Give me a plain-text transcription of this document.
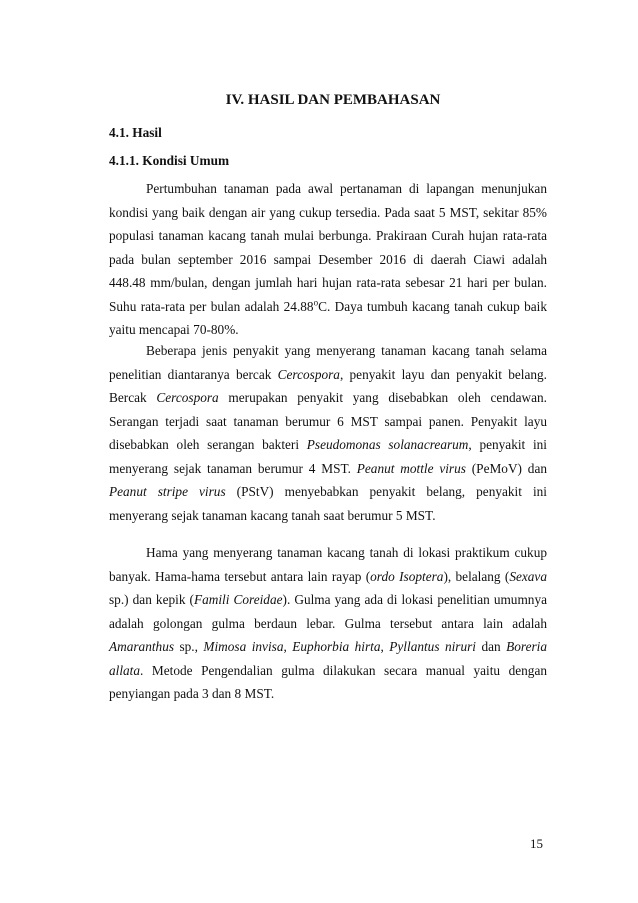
IV. HASIL DAN PEMBAHASAN
4.1. Hasil
4.1.1. Kondisi Umum

Pertumbuhan tanaman pada awal pertanaman di lapangan menunjukan kondisi yang baik dengan air yang cukup tersedia. Pada saat 5 MST, sekitar 85% populasi tanaman kacang tanah mulai berbunga. Prakiraan Curah hujan rata-rata pada bulan september 2016 sampai Desember 2016 di daerah Ciawi adalah 448.48 mm/bulan, dengan jumlah hari hujan rata-rata sebesar 21 hari per bulan. Suhu rata-rata per bulan adalah 24.88$^o$C. Daya tumbuh kacang tanah cukup baik yaitu mencapai 70-80%.

Beberapa jenis penyakit yang menyerang tanaman kacang tanah selama penelitian diantaranya bercak Cercospora, penyakit layu dan penyakit belang. Bercak Cercospora merupakan penyakit yang disebabkan oleh cendawan. Serangan terjadi saat tanaman berumur 6 MST sampai panen. Penyakit layu disebabkan oleh serangan bakteri Pseudomonas solanacrearum, penyakit ini menyerang sejak tanaman berumur 4 MST. Peanut mottle virus (PeMoV) dan Peanut stripe virus (PStV) menyebabkan penyakit belang, penyakit ini menyerang sejak tanaman kacang tanah saat berumur 5 MST.

Hama yang menyerang tanaman kacang tanah di lokasi praktikum cukup banyak. Hama-hama tersebut antara lain rayap (ordo Isoptera), belalang (Sexava sp.) dan kepik (Famili Coreidae). Gulma yang ada di lokasi penelitian umumnya adalah golongan gulma berdaun lebar. Gulma tersebut antara lain adalah Amaranthus sp., Mimosa invisa, Euphorbia hirta, Pyllantus niruri dan Boreria allata. Metode Pengendalian gulma dilakukan secara manual yaitu dengan penyiangan pada 3 dan 8 MST.

15
